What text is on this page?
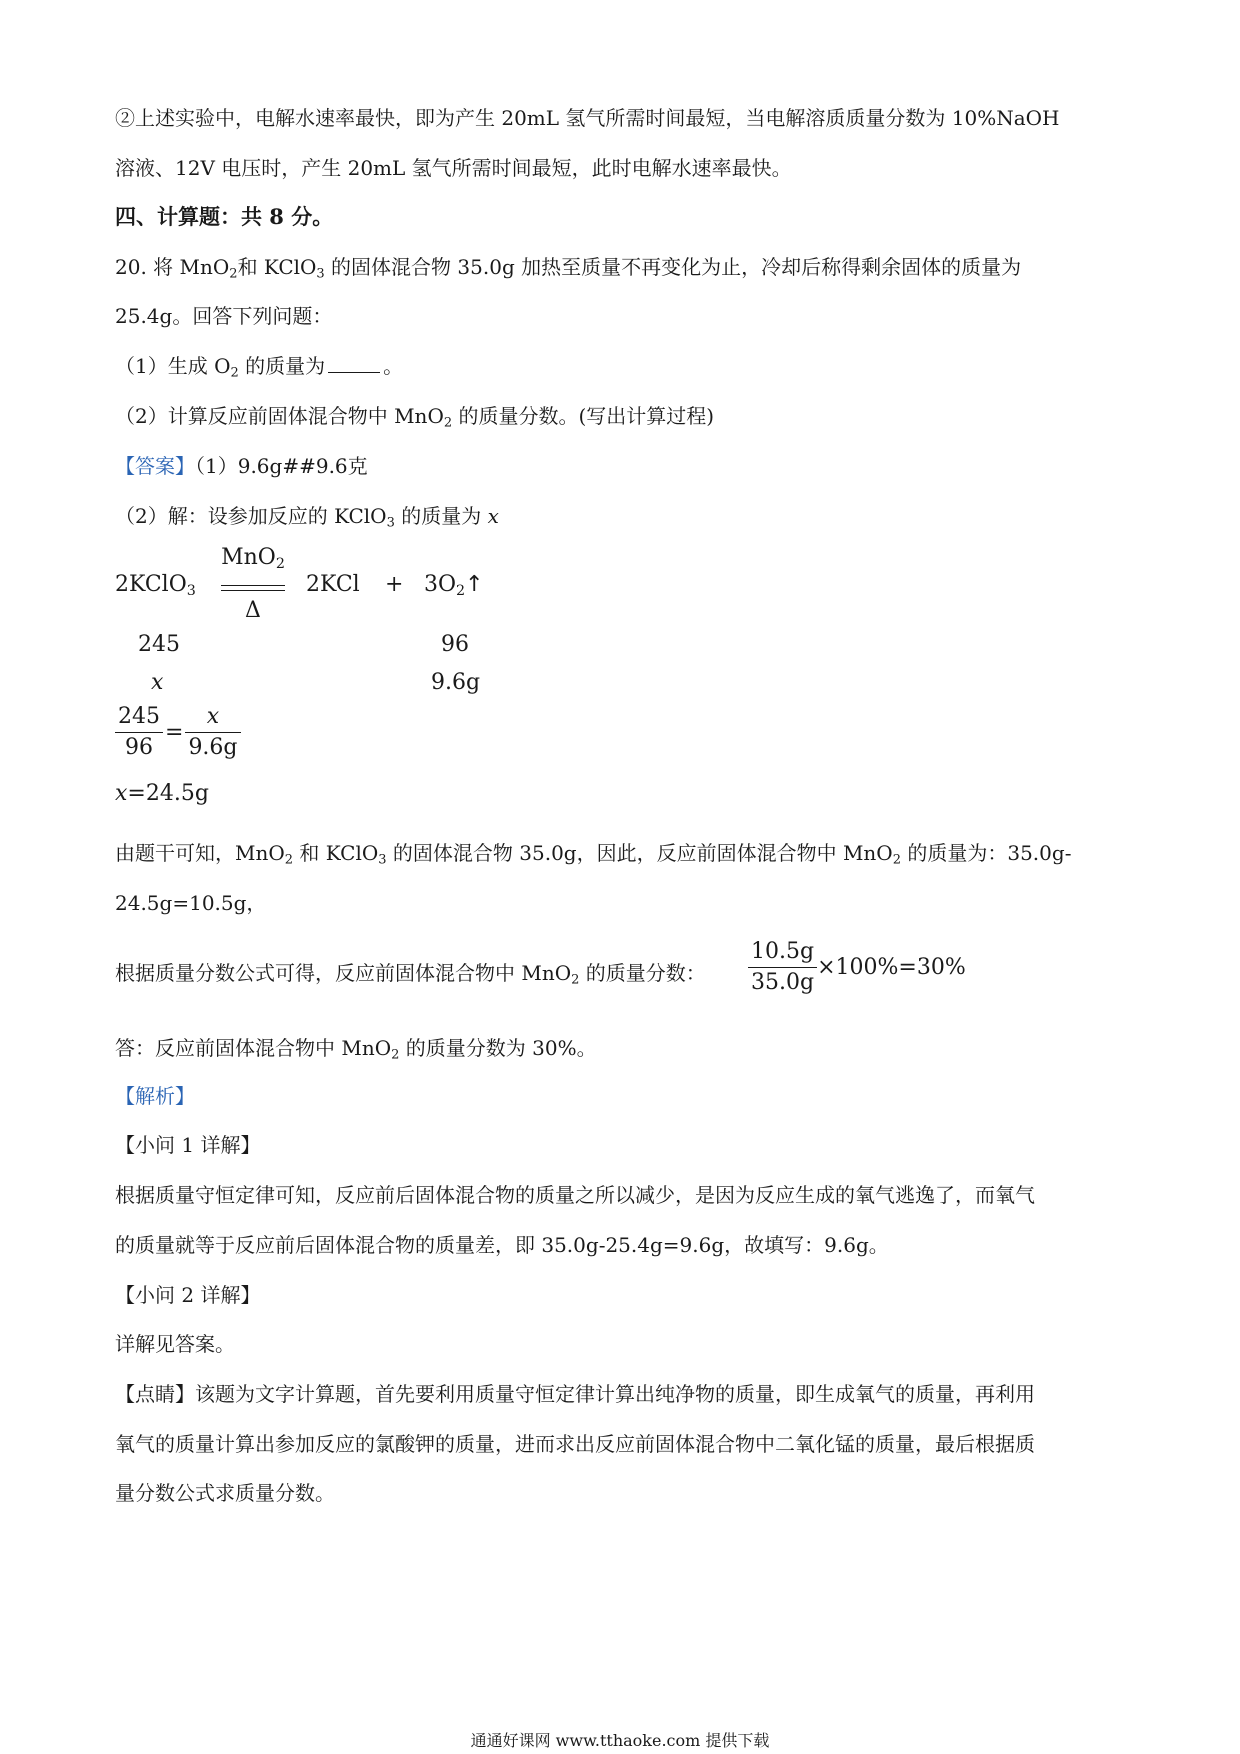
②上述实验中，电解水速率最快，即为产生 20mL 氢气所需时间最短，当电解溶质质量分数为 10%NaOH
溶液、12V 电压时，产生 20mL 氢气所需时间最短，此时电解水速率最快。
四、计算题：共 8 分。
20. 将 MnO$_2$和 KClO$_3$ 的固体混合物 35.0g 加热至质量不再变化为止，冷却后称得剩余固体的质量为
25.4g。回答下列问题：
（1）生成 $O_2$ 的质量为	。
（2）计算反应前固体混合物中 MnO$_2$ 的质量分数。(写出计算过程)
【答案】（1）9.6g##9.6克
（2）解：设参加反应的 KClO$_3$ 的质量为 x
2KClO$_3$
MnO$_2$
Δ
$2KCl + 3O_2↑$
245	96
x	9.6g
$\frac{245}{96} = \frac{x}{9.6g}$
x=24.5g
由题干可知，MnO$_2$ 和 KClO$_3$ 的固体混合物 35.0g，因此，反应前固体混合物中 MnO$_2$ 的质量为：35.0g-
24.5g=10.5g，
根据质量分数公式可得，反应前固体混合物中 MnO$_2$ 的质量分数： $\frac{10.5g}{35.0g} \times 100\%=30\%$
答：反应前固体混合物中 MnO$_2$ 的质量分数为 30%。
【解析】
【小问 1 详解】
根据质量守恒定律可知，反应前后固体混合物的质量之所以减少，是因为反应生成的氧气逃逸了，而氧气
的质量就等于反应前后固体混合物的质量差，即 35.0g-25.4g=9.6g，故填写：9.6g。
【小问 2 详解】
详解见答案。
【点睛】该题为文字计算题，首先要利用质量守恒定律计算出纯净物的质量，即生成氧气的质量，再利用
氧气的质量计算出参加反应的氯酸钾的质量，进而求出反应前固体混合物中二氧化锰的质量，最后根据质
量分数公式求质量分数。
通通好课网 www.tthaoke.com 提供下载
